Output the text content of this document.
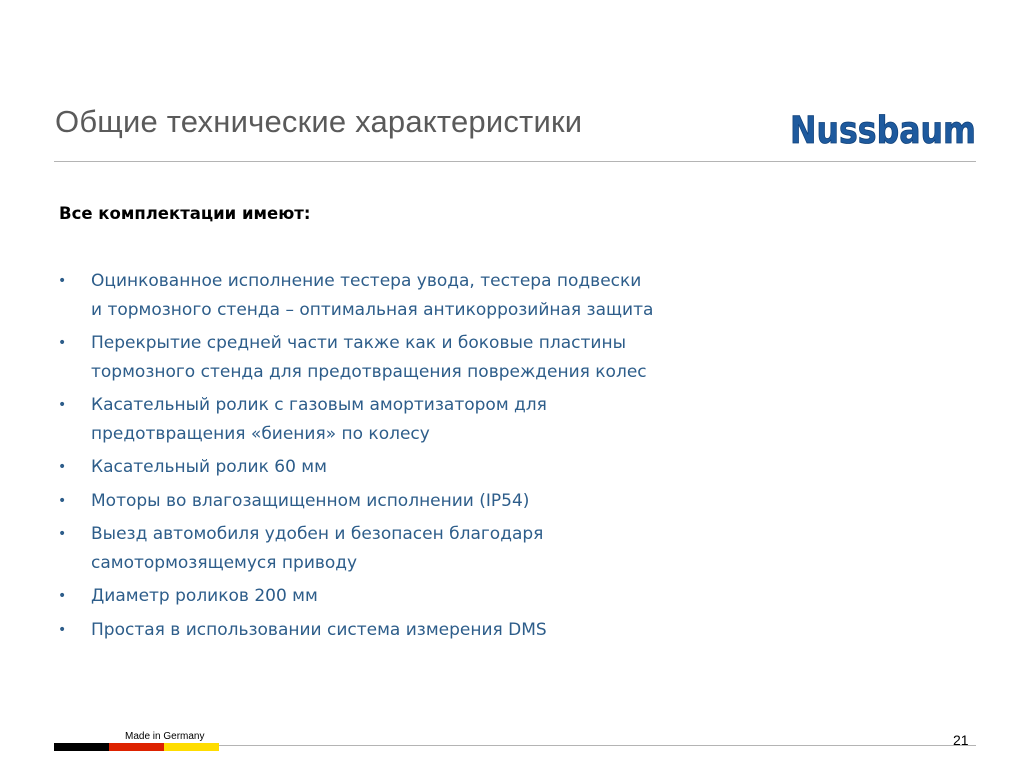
Общие технические характеристики	Nussbaum
Все комплектации имеют:
• Оцинкованное исполнение тестера увода, тестера подвески
и тормозного стенда – оптимальная антикоррозийная защита
• Перекрытие средней части также как и боковые пластины
тормозного стенда для предотвращения повреждения колес
• Касательный ролик с газовым амортизатором для
предотвращения «биения» по колесу
• Касательный ролик 60 мм
• Моторы во влагозащищенном исполнении (IP54)
• Выезд автомобиля удобен и безопасен благодаря
самотормозящемуся приводу
• Диаметр роликов 200 мм
• Простая в использовании система измерения DMS
Made in Germany	21
